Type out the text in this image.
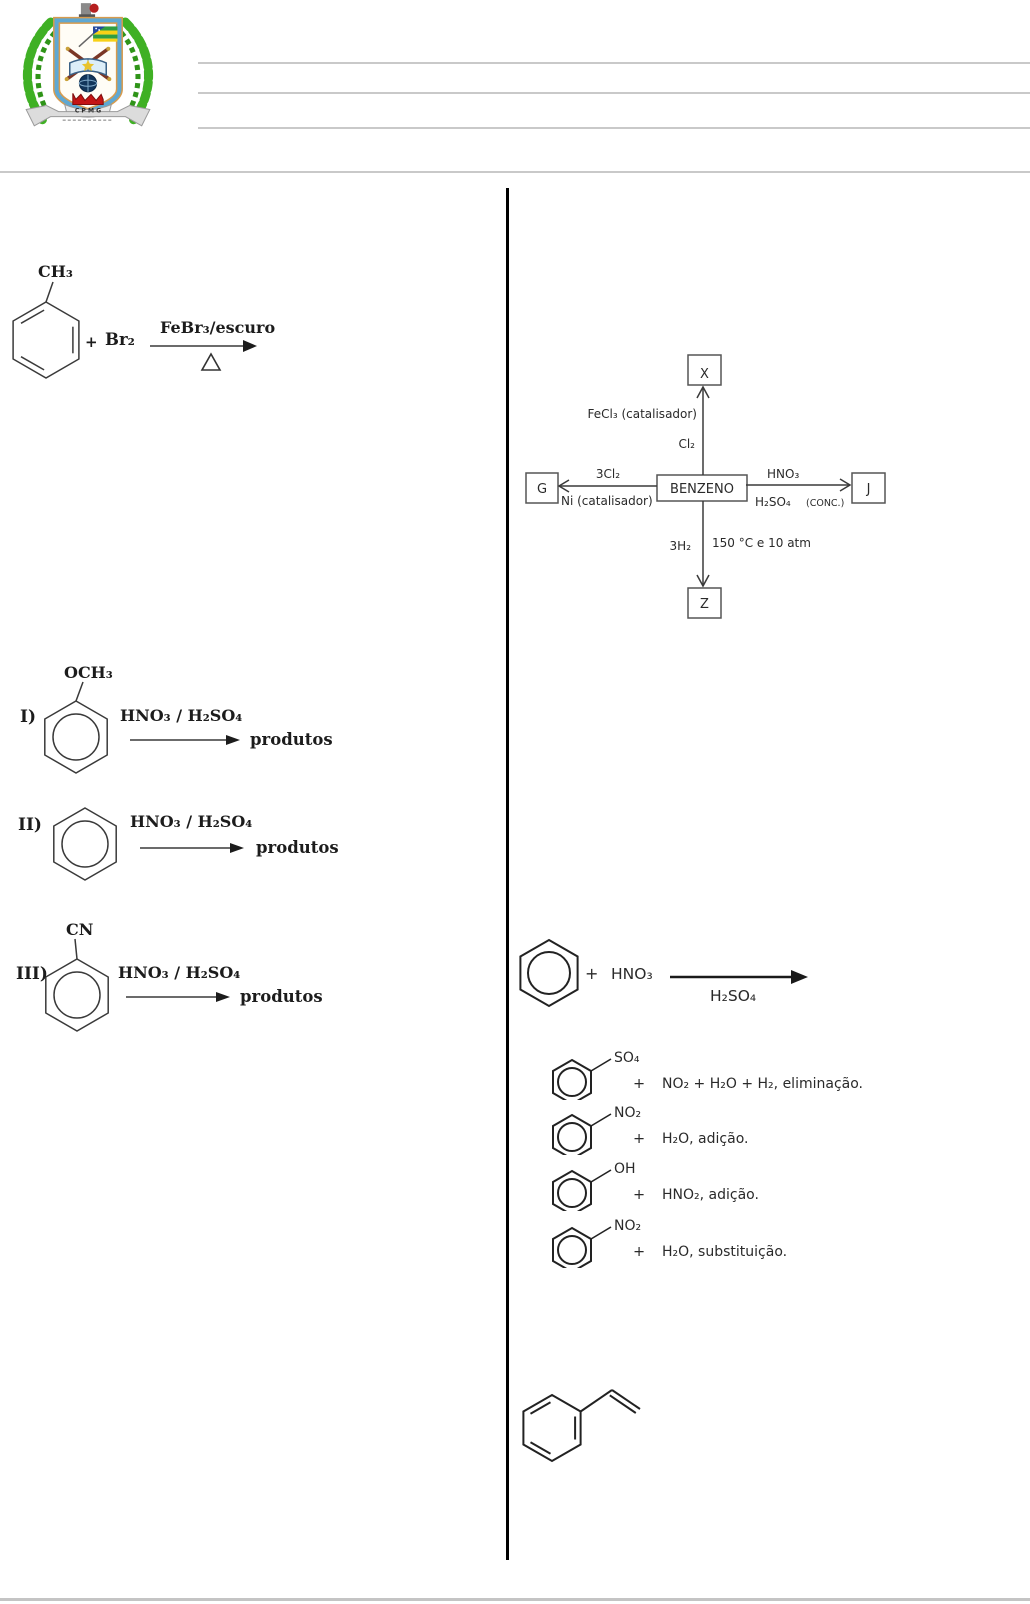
C P M G
CH₃
+ Br₂
FeBr₃/escuro
OCH₃
I)	HNO₃ / H₂SO₄
produtos
II)	HNO₃ / H₂SO₄
produtos
CN
III)	HNO₃ / H₂SO₄
produtos
X
G	BENZENO	J
Z
FeCl₃ (catalisador)
Cl₂
3Cl₂
Ni (catalisador)
HNO₃
H₂SO₄ (CONC.)
3H₂ 150 °C e 10 atm
+ HNO₃
H₂SO₄
SO₄
+ NO₂ + H₂O + H₂, eliminação.
NO₂
+ H₂O, adição.
OH
+ HNO₂, adição.
NO₂
+ H₂O, substituição.
